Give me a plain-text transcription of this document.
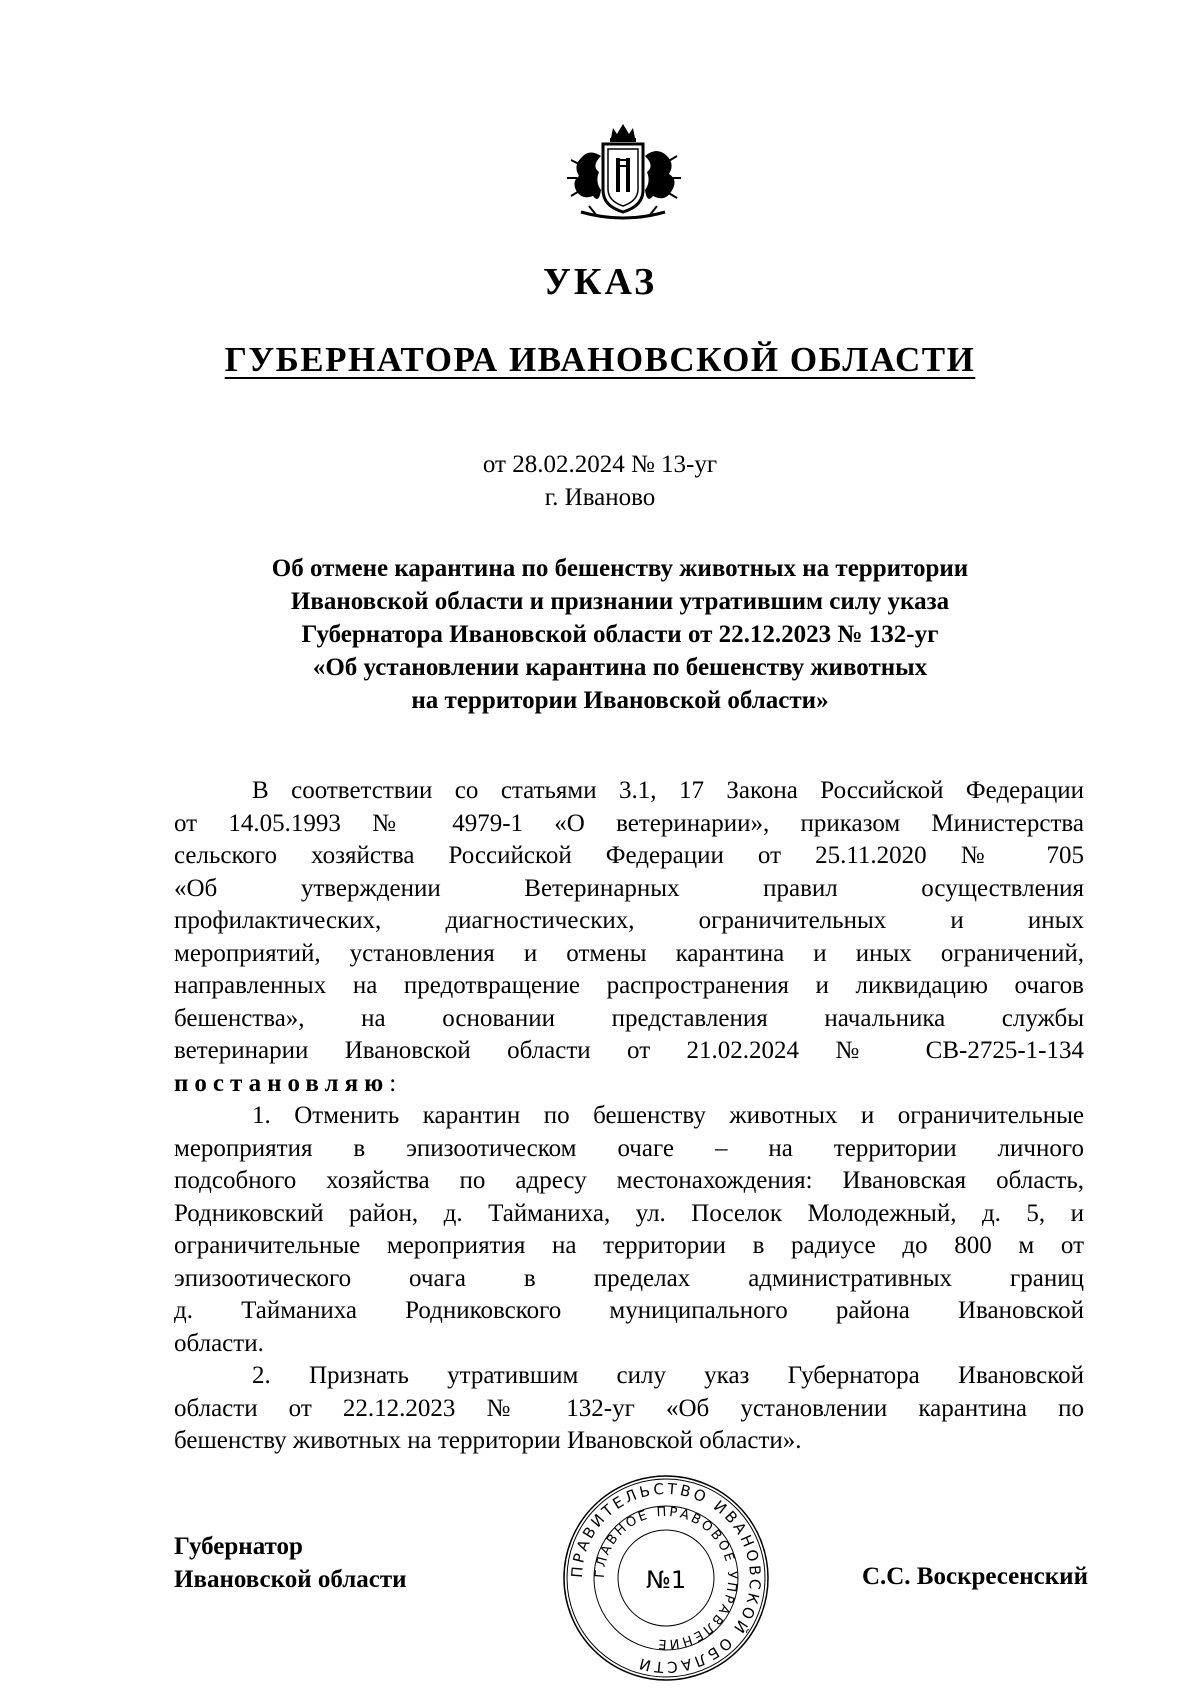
УКАЗ
ГУБЕРНАТОРА ИВАНОВСКОЙ ОБЛАСТИ
от 28.02.2024 № 13-уг
г. Иваново
Об отмене карантина по бешенству животных на территории
Ивановской области и признании утратившим силу указа
Губернатора Ивановской области от 22.12.2023 № 132-уг
«Об установлении карантина по бешенству животных
на территории Ивановской области»
В соответствии со статьями 3.1, 17 Закона Российской Федерации
от 14.05.1993 № 4979-1 «О ветеринарии», приказом Министерства
сельского хозяйства Российской Федерации от 25.11.2020 № 705
«Об утверждении Ветеринарных правил осуществления
профилактических, диагностических, ограничительных и иных
мероприятий, установления и отмены карантина и иных ограничений,
направленных на предотвращение распространения и ликвидацию очагов
бешенства», на основании представления начальника службы
ветеринарии Ивановской области от 21.02.2024 № СВ-2725-1-134
постановляю:
1. Отменить карантин по бешенству животных и ограничительные
мероприятия в эпизоотическом очаге – на территории личного
подсобного хозяйства по адресу местонахождения: Ивановская область,
Родниковский район, д. Тайманиха, ул. Поселок Молодежный, д. 5, и
ограничительные мероприятия на территории в радиусе до 800 м от
эпизоотического очага в пределах административных границ
д. Тайманиха Родниковского муниципального района Ивановской
области.
2. Признать утратившим силу указ Губернатора Ивановской
области от 22.12.2023 № 132-уг «Об установлении карантина по
бешенству животных на территории Ивановской области».
Губернатор
Ивановской области	ПРАВИТЕЛЬСТВО ИВАНОВСКОЙ ОБЛАСТИ
ГЛАВНОЕ ПРАВОВОЕ УПРАВЛЕНИЕ
№1	С.С. Воскресенский
